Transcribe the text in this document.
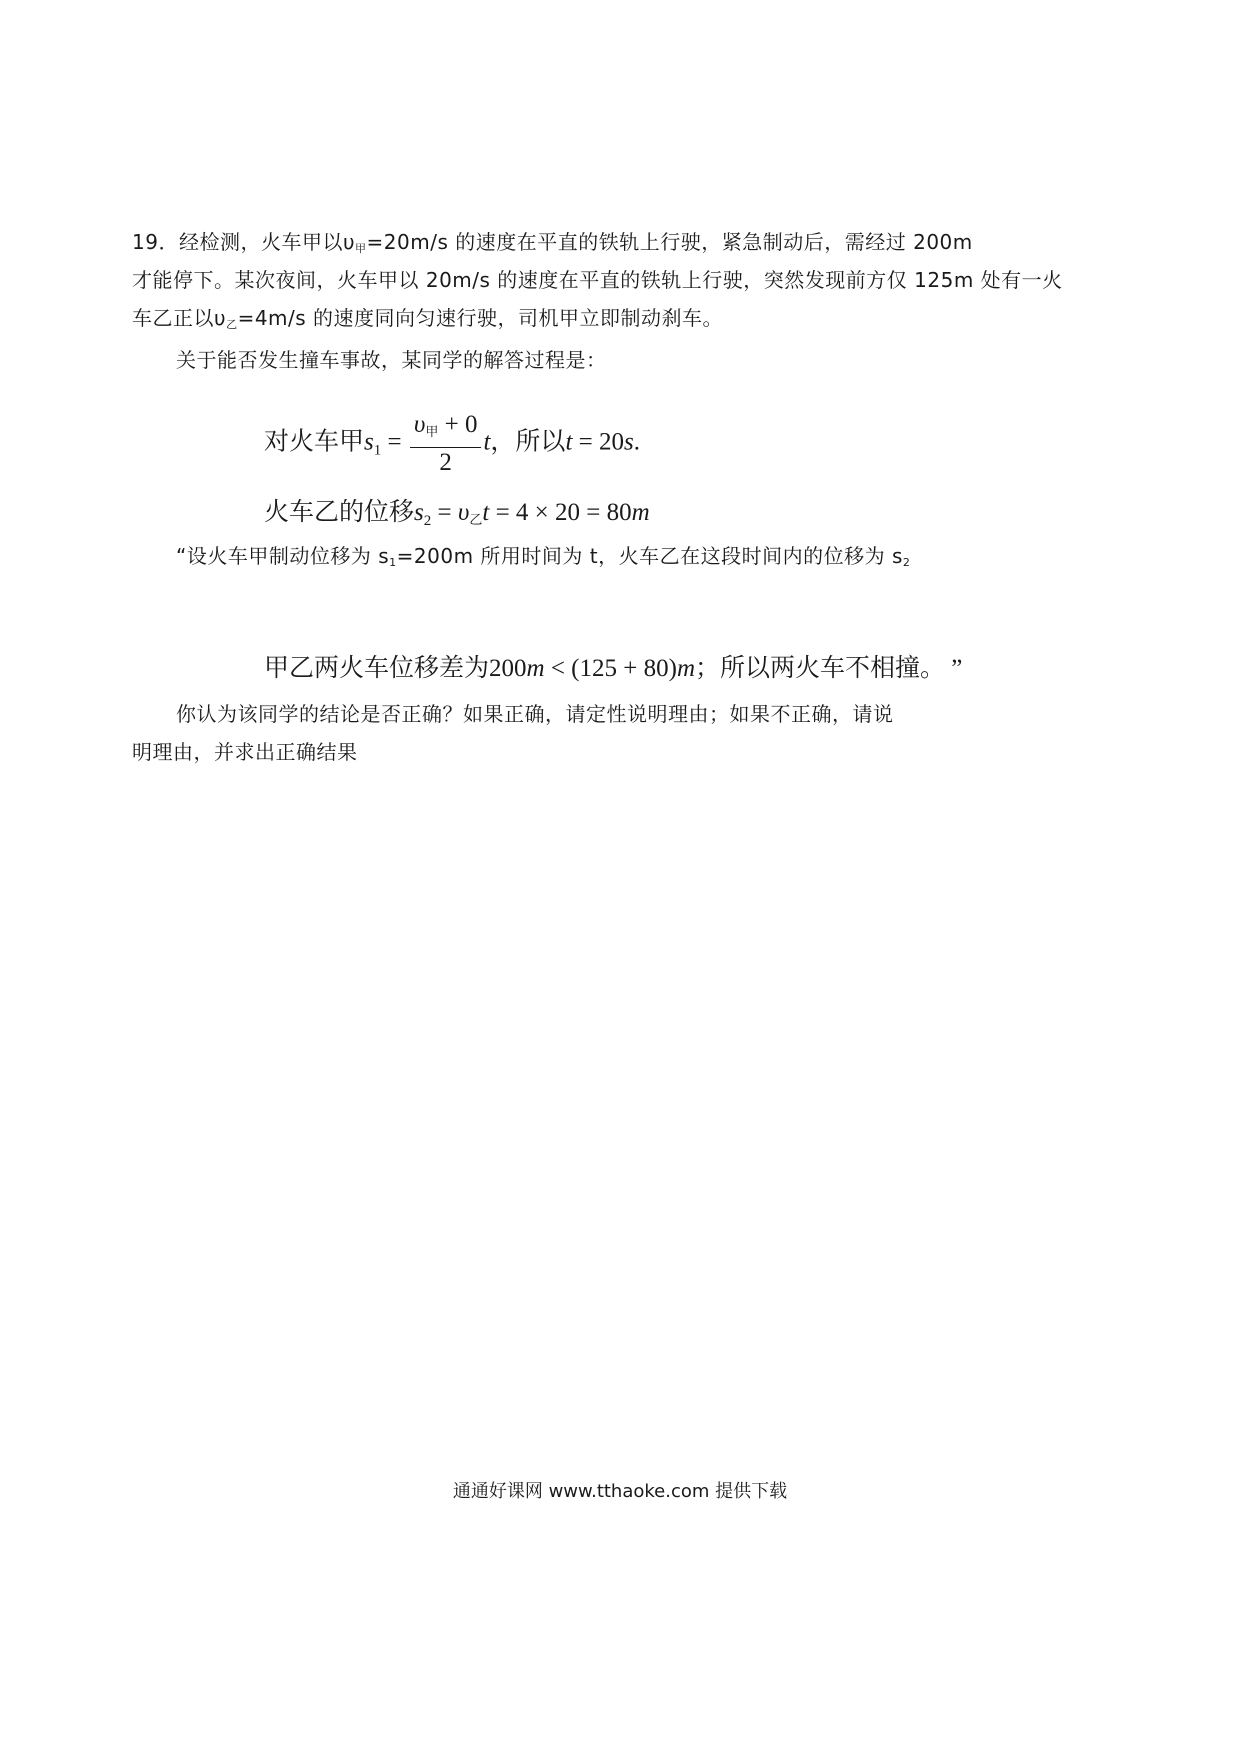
19．经检测，火车甲以υ甲=20m/s 的速度在平直的铁轨上行驶，紧急制动后，需经过 200m
才能停下。某次夜间，火车甲以 20m/s 的速度在平直的铁轨上行驶，突然发现前方仅 125m 处有一火
车乙正以υ乙=4m/s 的速度同向匀速行驶，司机甲立即制动刹车。
关于能否发生撞车事故，某同学的解答过程是：
对火车甲$s_1 = \frac{\text{υ甲 + 0}}{2}$ t，所以t = 20s.
火车乙的位移$s_2 = \upsilon$乙t = 4 × 20 = 80m
“设火车甲制动位移为 s1=200m 所用时间为 t，火车乙在这段时间内的位移为 s2
甲乙两火车位移差为200m < (125 + 80)m；所以两火车不相撞。 ”
你认为该同学的结论是否正确？如果正确，请定性说明理由；如果不正确，请说
明理由，并求出正确结果
通通好课网 www.tthaoke.com 提供下载
